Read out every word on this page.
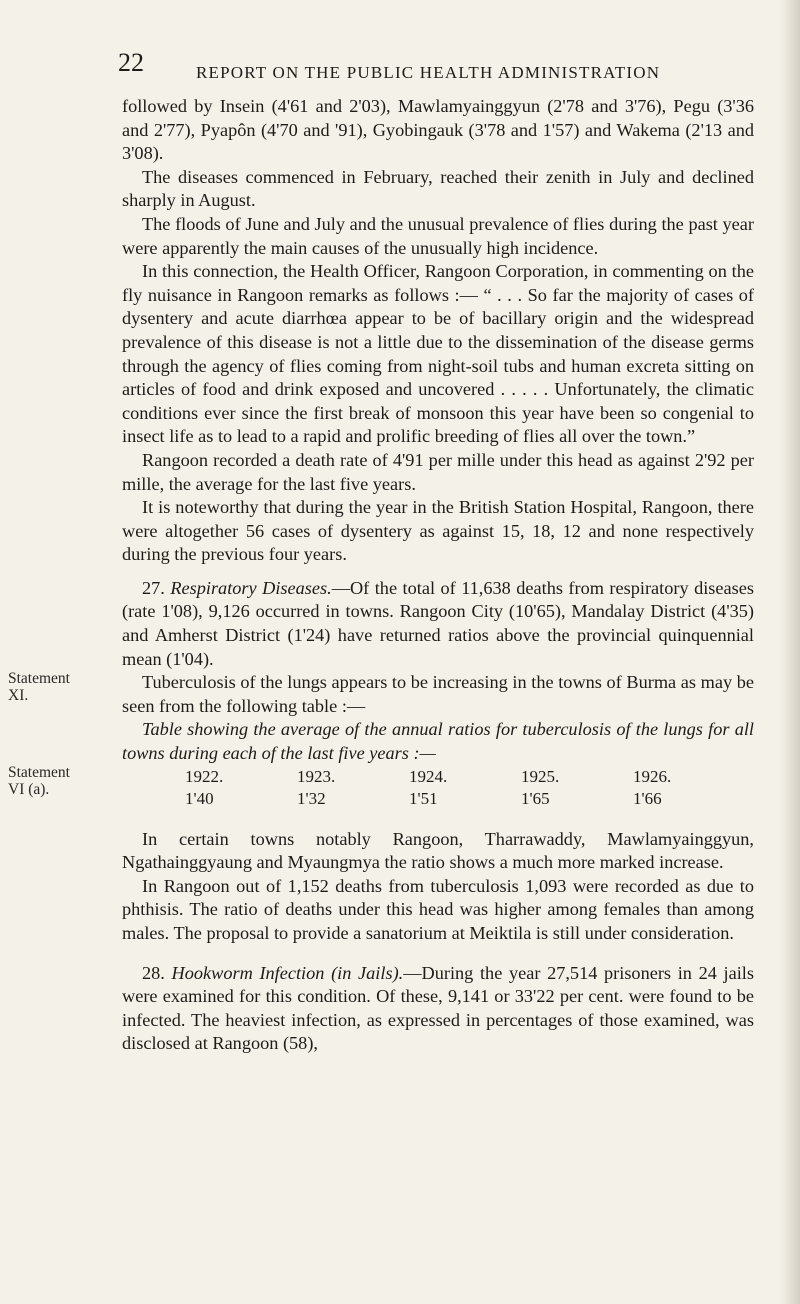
22	REPORT ON THE PUBLIC HEALTH ADMINISTRATION
Statement
XI.
Statement
VI (a).

followed by Insein (4'61 and 2'03), Mawlamyainggyun (2'78 and 3'76), Pegu (3'36 and 2'77), Pyapôn (4'70 and '91), Gyobingauk (3'78 and 1'57) and Wakema (2'13 and 3'08).

The diseases commenced in February, reached their zenith in July and declined sharply in August.

The floods of June and July and the unusual prevalence of flies during the past year were apparently the main causes of the unusually high incidence.

In this connection, the Health Officer, Rangoon Corporation, in commenting on the fly nuisance in Rangoon remarks as follows :— “ . . . So far the majority of cases of dysentery and acute diarrhœa appear to be of bacillary origin and the widespread prevalence of this disease is not a little due to the dissemination of the disease germs through the agency of flies coming from night-soil tubs and human excreta sitting on articles of food and drink exposed and uncovered . . . . . Unfortunately, the climatic conditions ever since the first break of monsoon this year have been so congenial to insect life as to lead to a rapid and prolific breeding of flies all over the town.”

Rangoon recorded a death rate of 4'91 per mille under this head as against 2'92 per mille, the average for the last five years.

It is noteworthy that during the year in the British Station Hospital, Rangoon, there were altogether 56 cases of dysentery as against 15, 18, 12 and none respectively during the previous four years.

27. Respiratory Diseases.—Of the total of 11,638 deaths from respiratory diseases (rate 1'08), 9,126 occurred in towns. Rangoon City (10'65), Mandalay District (4'35) and Amherst District (1'24) have returned ratios above the provincial quinquennial mean (1'04).

Tuberculosis of the lungs appears to be increasing in the towns of Burma as may be seen from the following table :—

Table showing the average of the annual ratios for tuberculosis of the lungs for all towns during each of the last five years :—

1922.	1923.	1924.	1925.	1926.
1'40	1'32	1'51	1'65	1'66

In certain towns notably Rangoon, Tharrawaddy, Mawlamyainggyun, Ngathainggyaung and Myaungmya the ratio shows a much more marked increase.

In Rangoon out of 1,152 deaths from tuberculosis 1,093 were recorded as due to phthisis. The ratio of deaths under this head was higher among females than among males. The proposal to provide a sanatorium at Meiktila is still under consideration.

28. Hookworm Infection (in Jails).—During the year 27,514 prisoners in 24 jails were examined for this condition. Of these, 9,141 or 33'22 per cent. were found to be infected. The heaviest infection, as expressed in percentages of those examined, was disclosed at Rangoon (58),
